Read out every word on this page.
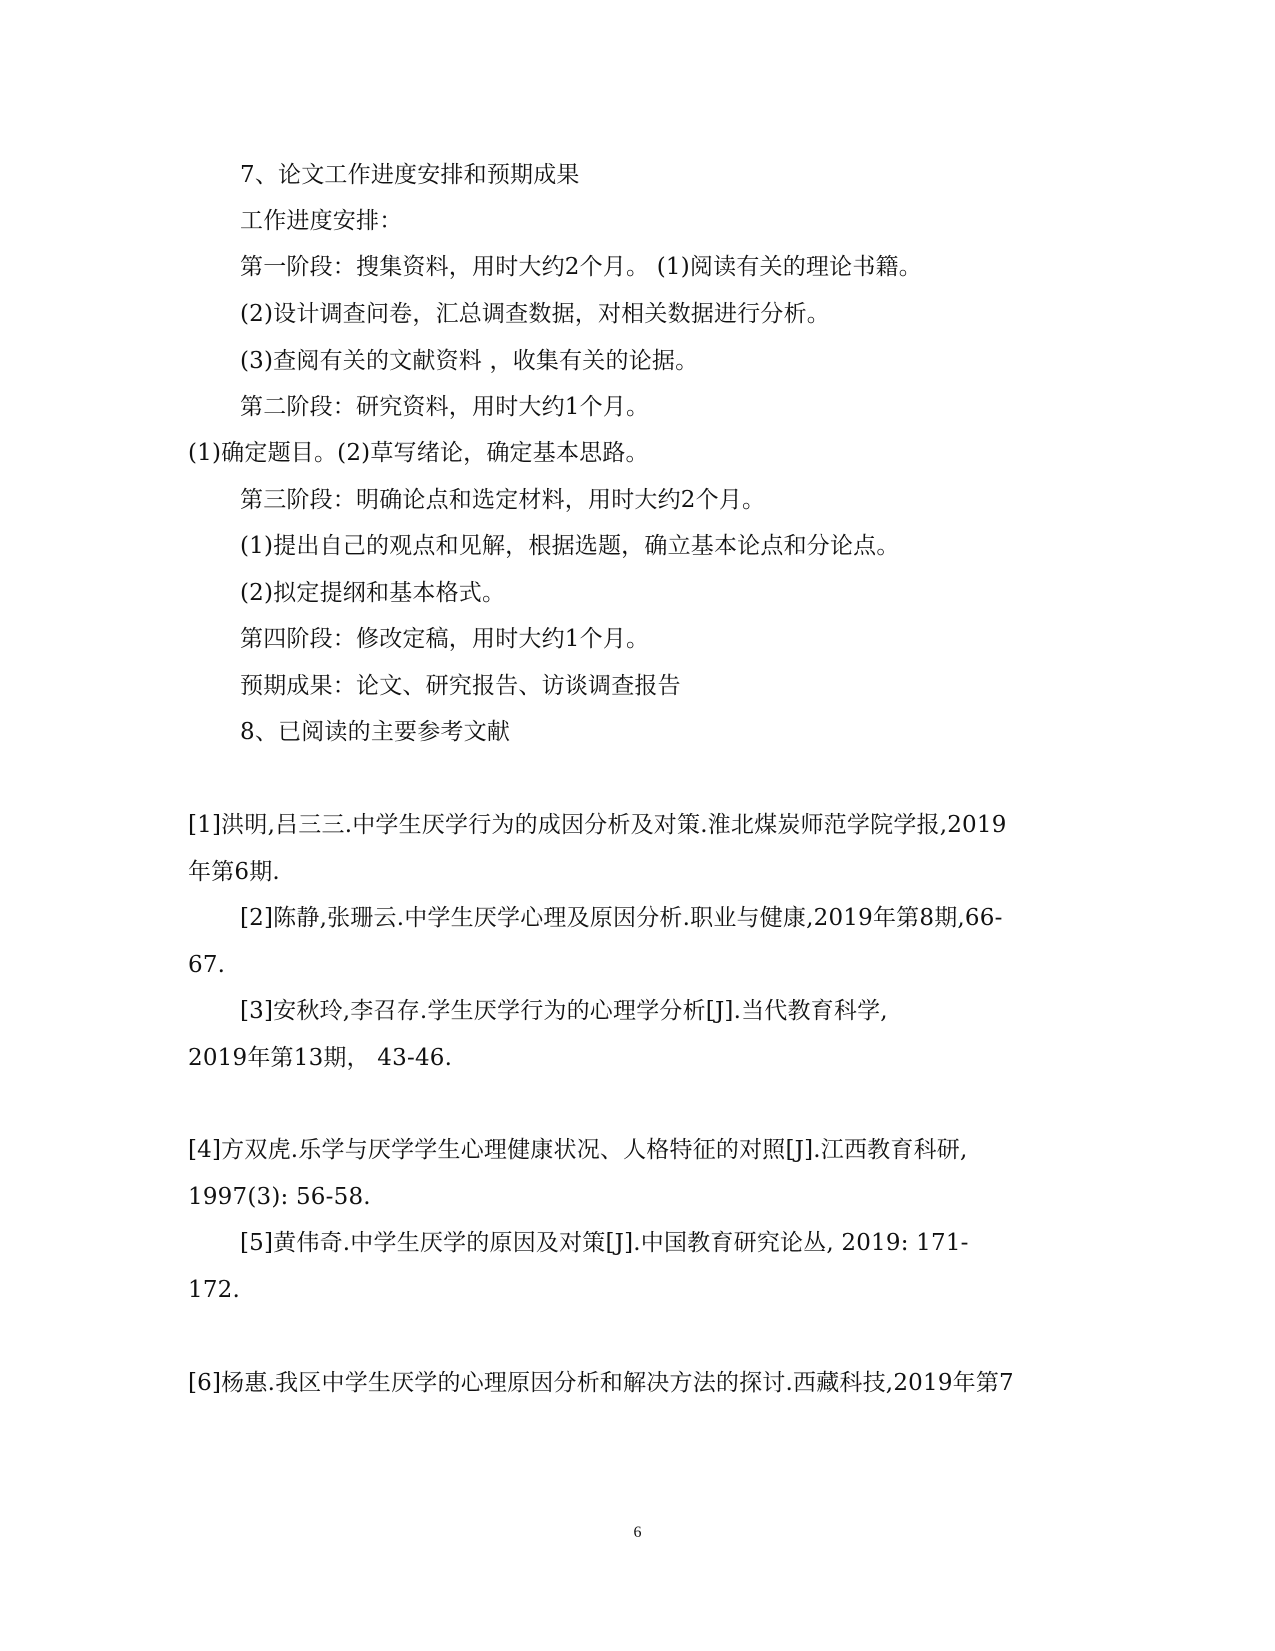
7、论文工作进度安排和预期成果
工作进度安排：
第一阶段：搜集资料，用时大约2个月。 (1)阅读有关的理论书籍。
(2)设计调查问卷，汇总调查数据，对相关数据进行分析。
(3)查阅有关的文献资料 ，收集有关的论据。
第二阶段：研究资料，用时大约1个月。
(1)确定题目。(2)草写绪论，确定基本思路。
第三阶段：明确论点和选定材料，用时大约2个月。
(1)提出自己的观点和见解，根据选题，确立基本论点和分论点。
(2)拟定提纲和基本格式。
第四阶段：修改定稿，用时大约1个月。
预期成果：论文、研究报告、访谈调查报告
8、已阅读的主要参考文献
[1]洪明,吕三三.中学生厌学行为的成因分析及对策.淮北煤炭师范学院学报,2019
年第6期.
[2]陈静,张珊云.中学生厌学心理及原因分析.职业与健康,2019年第8期,66-
67.
[3]安秋玲,李召存.学生厌学行为的心理学分析[J].当代教育科学,
2019年第13期， 43-46.
[4]方双虎.乐学与厌学学生心理健康状况、人格特征的对照[J].江西教育科研,
1997(3): 56-58.
[5]黄伟奇.中学生厌学的原因及对策[J].中国教育研究论丛, 2019: 171-
172.
[6]杨惠.我区中学生厌学的心理原因分析和解决方法的探讨.西藏科技,2019年第7
6
